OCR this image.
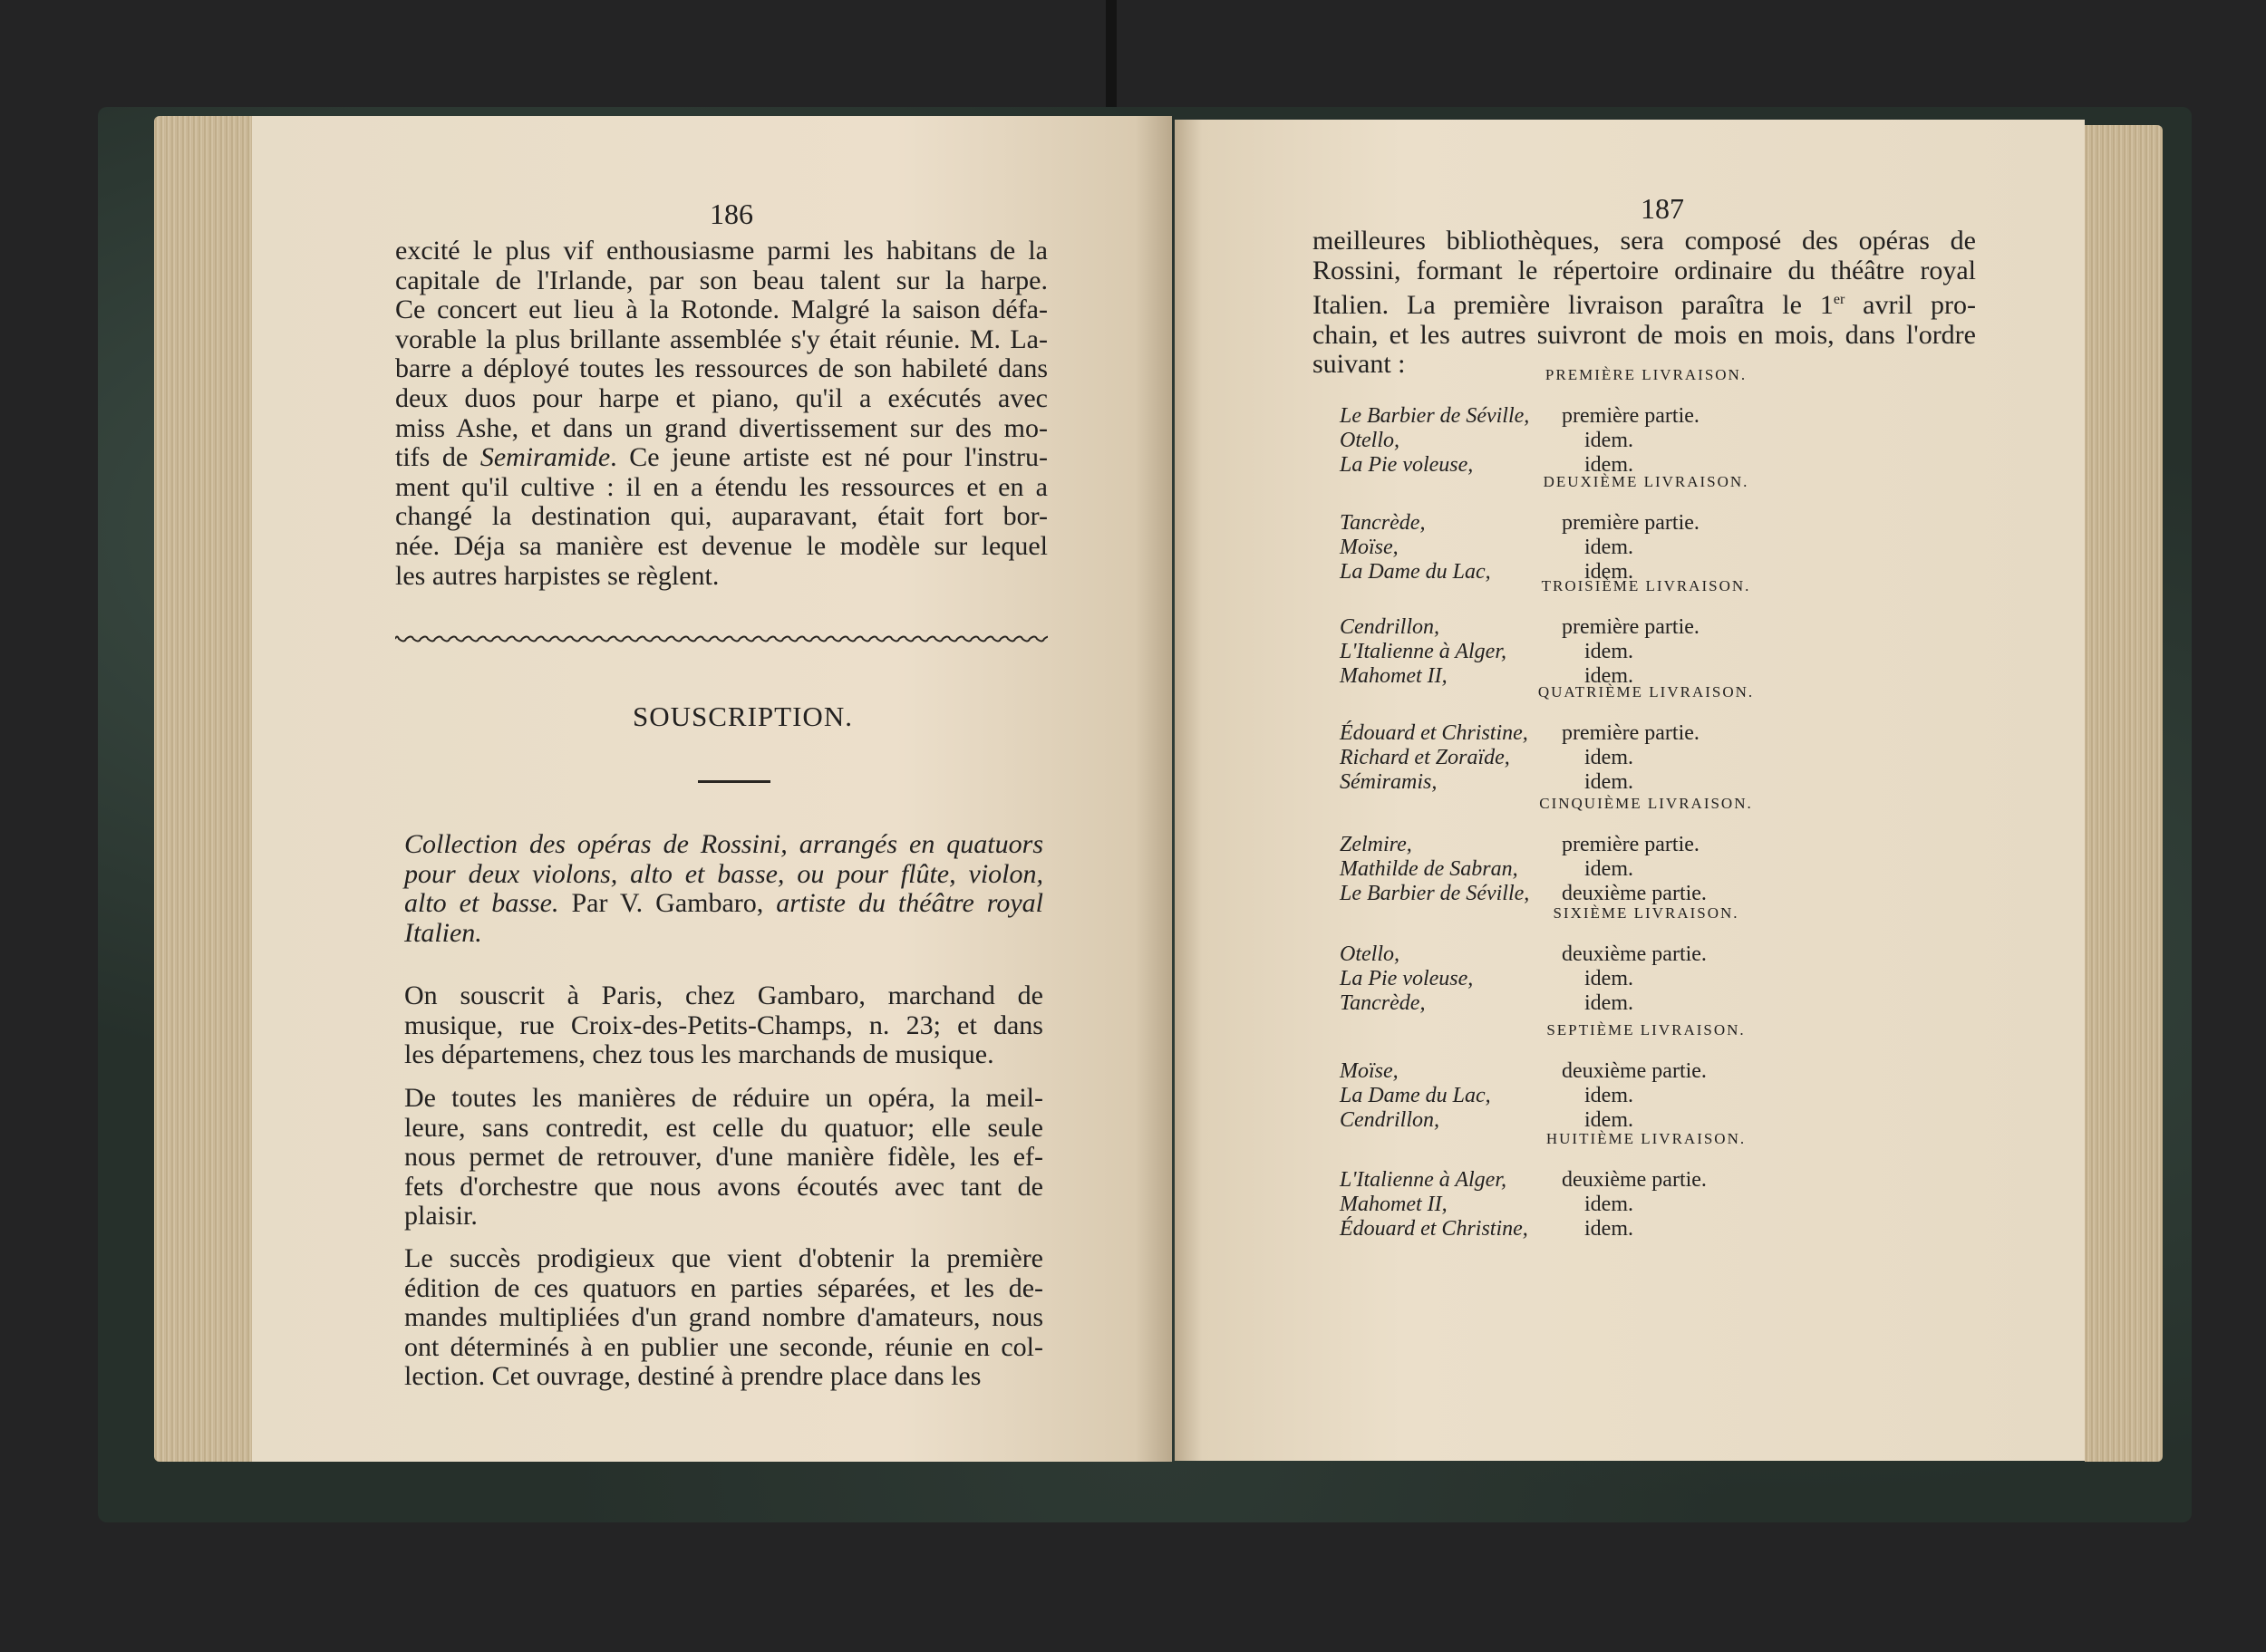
186
excité le plus vif enthousiasme parmi les habitans de la
capitale de l'Irlande, par son beau talent sur la harpe.
Ce concert eut lieu à la Rotonde. Malgré la saison défa-
vorable la plus brillante assemblée s'y était réunie. M. La-
barre a déployé toutes les ressources de son habileté dans
deux duos pour harpe et piano, qu'il a exécutés avec
miss Ashe, et dans un grand divertissement sur des mo-
tifs de Semiramide. Ce jeune artiste est né pour l'instru-
ment qu'il cultive : il en a étendu les ressources et en a
changé la destination qui, auparavant, était fort bor-
née. Déja sa manière est devenue le modèle sur lequel
les autres harpistes se règlent.
SOUSCRIPTION.
Collection des opéras de Rossini, arrangés en quatuors
pour deux violons, alto et basse, ou pour flûte, violon,
alto et basse. Par V. Gambaro, artiste du théâtre royal
Italien.
On souscrit à Paris, chez Gambaro, marchand de
musique, rue Croix-des-Petits-Champs, n. 23; et dans
les départemens, chez tous les marchands de musique.
De toutes les manières de réduire un opéra, la meil-
leure, sans contredit, est celle du quatuor; elle seule
nous permet de retrouver, d'une manière fidèle, les ef-
fets d'orchestre que nous avons écoutés avec tant de
plaisir.
Le succès prodigieux que vient d'obtenir la première
édition de ces quatuors en parties séparées, et les de-
mandes multipliées d'un grand nombre d'amateurs, nous
ont déterminés à en publier une seconde, réunie en col-
lection. Cet ouvrage, destiné à prendre place dans les
187
meilleures bibliothèques, sera composé des opéras de
Rossini, formant le répertoire ordinaire du théâtre royal
Italien. La première livraison paraîtra le 1er avril pro-
chain, et les autres suivront de mois en mois, dans l'ordre
suivant :	PREMIÈRE LIVRAISON.
Le Barbier de Séville, première partie.
Otello,	idem.
La Pie voleuse,	idem.
DEUXIÈME LIVRAISON.
Tancrède,	première partie.
Moïse,	idem.
La Dame du Lac,	idem.
TROISIÈME LIVRAISON.
Cendrillon,	première partie.
L'Italienne à Alger,	idem.
Mahomet II,	idem.
QUATRIÈME LIVRAISON.
Édouard et Christine, première partie.
Richard et Zoraïde,	idem.
Sémiramis,	idem.
CINQUIÈME LIVRAISON.
Zelmire,	première partie.
Mathilde de Sabran,	idem.
Le Barbier de Séville, deuxième partie.
SIXIÈME LIVRAISON.
Otello,	deuxième partie.
La Pie voleuse,	idem.
Tancrède,	idem.
SEPTIÈME LIVRAISON.
Moïse,	deuxième partie.
La Dame du Lac,	idem.
Cendrillon,	idem.
HUITIÈME LIVRAISON.
L'Italienne à Alger,	deuxième partie.
Mahomet II,	idem.
Édouard et Christine,	idem.
